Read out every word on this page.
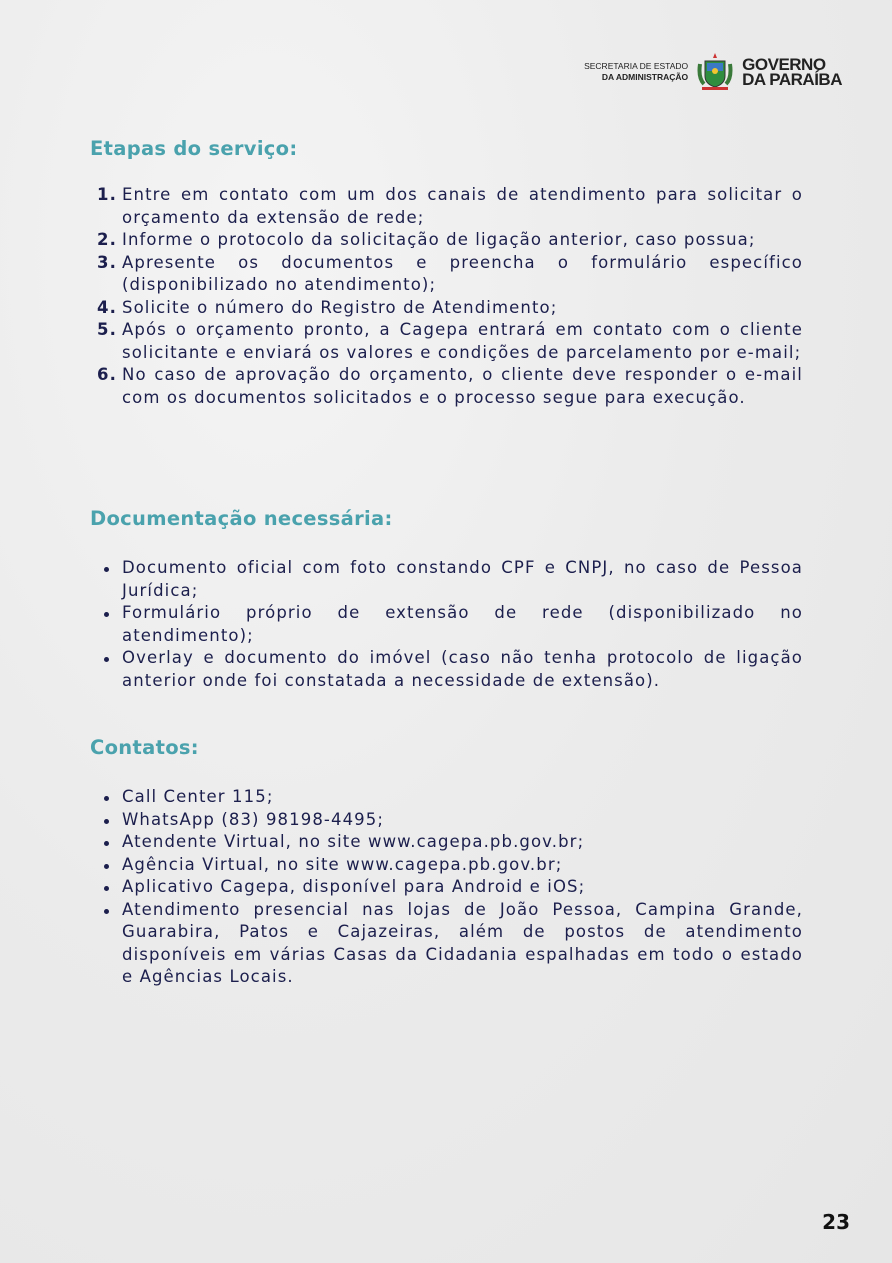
SECRETARIA DE ESTADO
DA ADMINISTRAÇÃO
GOVERNO
DA PARAÍBA
Etapas do serviço:
1. Entre em contato com um dos canais de atendimento para solicitar o orçamento da extensão de rede;
2. Informe o protocolo da solicitação de ligação anterior, caso possua;
3. Apresente os documentos e preencha o formulário específico (disponibilizado no atendimento);
4. Solicite o número do Registro de Atendimento;
5. Após o orçamento pronto, a Cagepa entrará em contato com o cliente solicitante e enviará os valores e condições de parcelamento por e-mail;
6. No caso de aprovação do orçamento, o cliente deve responder o e-mail com os documentos solicitados e o processo segue para execução.
Documentação necessária:
Documento oficial com foto constando CPF e CNPJ, no caso de Pessoa Jurídica;
Formulário próprio de extensão de rede (disponibilizado no atendimento);
Overlay e documento do imóvel (caso não tenha protocolo de ligação anterior onde foi constatada a necessidade de extensão).
Contatos:
Call Center 115;
WhatsApp (83) 98198-4495;
Atendente Virtual, no site www.cagepa.pb.gov.br;
Agência Virtual, no site www.cagepa.pb.gov.br;
Aplicativo Cagepa, disponível para Android e iOS;
Atendimento presencial nas lojas de João Pessoa, Campina Grande, Guarabira, Patos e Cajazeiras, além de postos de atendimento disponíveis em várias Casas da Cidadania espalhadas em todo o estado e Agências Locais.
23
